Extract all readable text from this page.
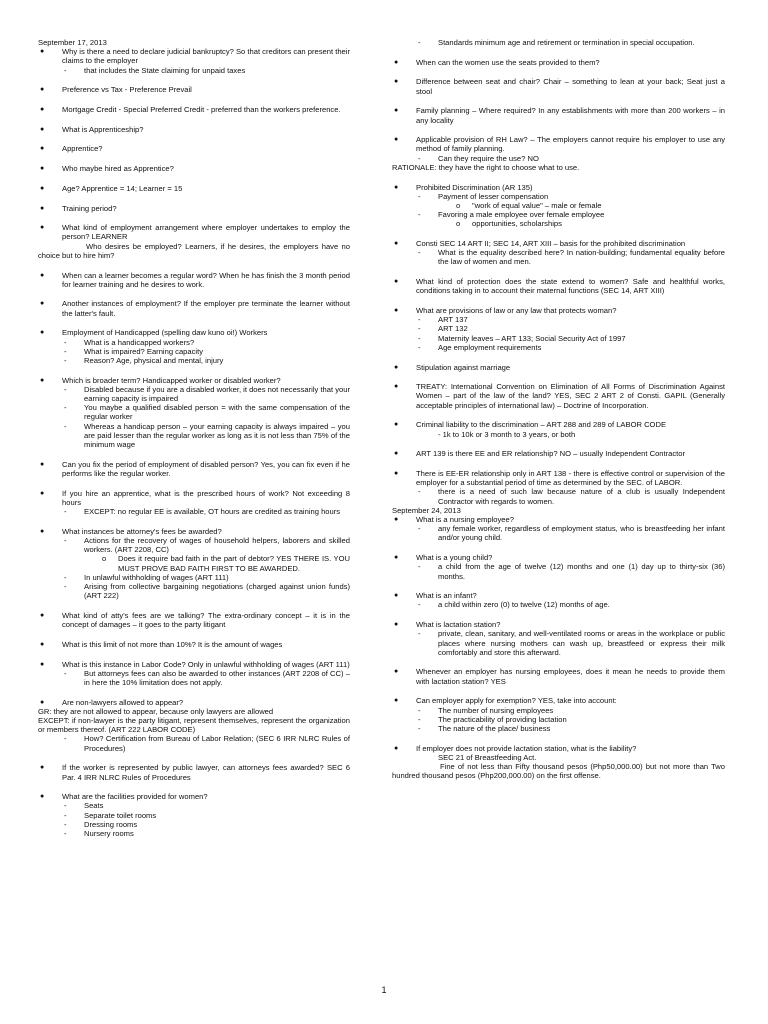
September 17, 2013

● Why is there a need to declare judicial bankruptcy? So that creditors can present their claims to the employer

- that includes the State claiming for unpaid taxes

● Preference vs Tax - Preference Prevail

● Mortgage Credit - Special Preferred Credit - preferred than the workers preference.

● What is Apprenticeship?

● Apprentice?

● Who maybe hired as Apprentice?

● Age? Apprentice = 14; Learner = 15

● Training period?

● What kind of employment arrangement where employer undertakes to employ the person? LEARNER

Who desires be employed? Learners, if he desires, the employers have no choice but to hire him?

● When can a learner becomes a regular word? When he has finish the 3 month period for learner training and he desires to work.

● Another instances of employment? If the employer pre terminate the learner without the latter's fault.

● Employment of Handicapped (spelling daw kuno oi!) Workers

- What is a handicapped workers?

- What is impaired? Earning capacity

- Reason? Age, physical and mental, injury

● Which is broader term? Handicapped worker or disabled worker?

- Disabled because if you are a disabled worker, it does not necessarily that your earning capacity is impaired

- You maybe a qualified disabled person = with the same compensation of the regular worker

- Whereas a handicap person – your earning capacity is always impaired – you are paid lesser than the regular worker as long as it is not less than 75% of the minimum wage

● Can you fix the period of employment of disabled person? Yes, you can fix even if he performs like the regular worker.

● If you hire an apprentice, what is the prescribed hours of work? Not exceeding 8 hours

- EXCEPT: no regular EE is available, OT hours are credited as training hours

● What instances be attorney's fees be awarded?

- Actions for the recovery of wages of household helpers, laborers and skilled workers. (ART 2208, CC)

o Does it require bad faith in the part of debtor? YES THERE IS. YOU MUST PROVE BAD FAITH FIRST TO BE AWARDED.

- In unlawful withholding of wages (ART 111)

- Arising from collective bargaining negotiations (charged against union funds) (ART 222)

● What kind of atty's fees are we talking? The extra-ordinary concept – it is in the concept of damages – it goes to the party litigant

● What is this limit of not more than 10%? It is the amount of wages

● What is this instance in Labor Code? Only in unlawful withholding of wages (ART 111)

- But attorneys fees can also be awarded to other instances (ART 2208 of CC) – in here the 10% limitation does not apply.

● Are non-lawyers allowed to appear?

GR: they are not allowed to appear, because only lawyers are allowed

EXCEPT: if non-lawyer is the party litigant, represent themselves, represent the organization or members thereof. (ART 222 LABOR CODE)

- How? Certification from Bureau of Labor Relation; (SEC 6 IRR NLRC Rules of Procedures)

● If the worker is represented by public lawyer, can attorneys fees awarded? SEC 6 Par. 4 IRR NLRC Rules of Procedures

● What are the facilities provided for women?

- Seats

- Separate toilet rooms

- Dressing rooms

- Nursery rooms

- Standards minimum age and retirement or termination in special occupation.

● When can the women use the seats provided to them?

● Difference between seat and chair? Chair – something to lean at your back; Seat just a stool

● Family planning – Where required? In any establishments with more than 200 workers – in any locality

● Applicable provision of RH Law? – The employers cannot require his employer to use any method of family planning.

- Can they require the use? NO

RATIONALE: they have the right to choose what to use.

● Prohibited Discrimination (AR 135)

- Payment of lesser compensation

o "work of equal value" – male or female

- Favoring a male employee over female employee

o opportunities, scholarships

● Consti SEC 14 ART II; SEC 14, ART XIII – basis for the prohibited discrimination

- What is the equality described here? In nation-building; fundamental equality before the law of women and men.

● What kind of protection does the state extend to women? Safe and healthful works, conditions taking in to account their maternal functions (SEC 14, ART XIII)

● What are provisions of law or any law that protects woman?

- ART 137

- ART 132

- Maternity leaves – ART 133; Social Security Act of 1997

- Age employment requirements

● Stipulation against marriage

● TREATY: International Convention on Elimination of All Forms of Discrimination Against Women – part of the law of the land? YES, SEC 2 ART 2 of Consti. GAPIL (Generally acceptable principles of international law) – Doctrine of Incorporation.

● Criminal liability to the discrimination – ART 288 and 289 of LABOR CODE

- 1k to 10k or 3 month to 3 years, or both

● ART 139 is there EE and ER relationship? NO – usually Independent Contractor

● There is EE-ER relationship only in ART 138 - there is effective control or supervision of the employer for a substantial period of time as determined by the SEC. of LABOR.

- there is a need of such law because nature of a club is usually Independent Contractor with regards to women.

September 24, 2013

● What is a nursing employee?

- any female worker, regardless of employment status, who is breastfeeding her infant and/or young child.

● What is a young child?

- a child from the age of twelve (12) months and one (1) day up to thirty-six (36) months.

● What is an infant?

- a child within zero (0) to twelve (12) months of age.

● What is lactation station?

- private, clean, sanitary, and well-ventilated rooms or areas in the workplace or public places where nursing mothers can wash up, breastfeed or express their milk comfortably and store this afterward.

● Whenever an employer has nursing employees, does it mean he needs to provide them with lactation station? YES

● Can employer apply for exemption? YES, take into account:

- The number of nursing employees

- The practicability of providing lactation

- The nature of the place/ business

● If employer does not provide lactation station, what is the liability?

SEC 21 of Breastfeeding Act.

Fine of not less than Fifty thousand pesos (Php50,000.00) but not more than Two hundred thousand pesos (Php200,000.00) on the first offense.

1
